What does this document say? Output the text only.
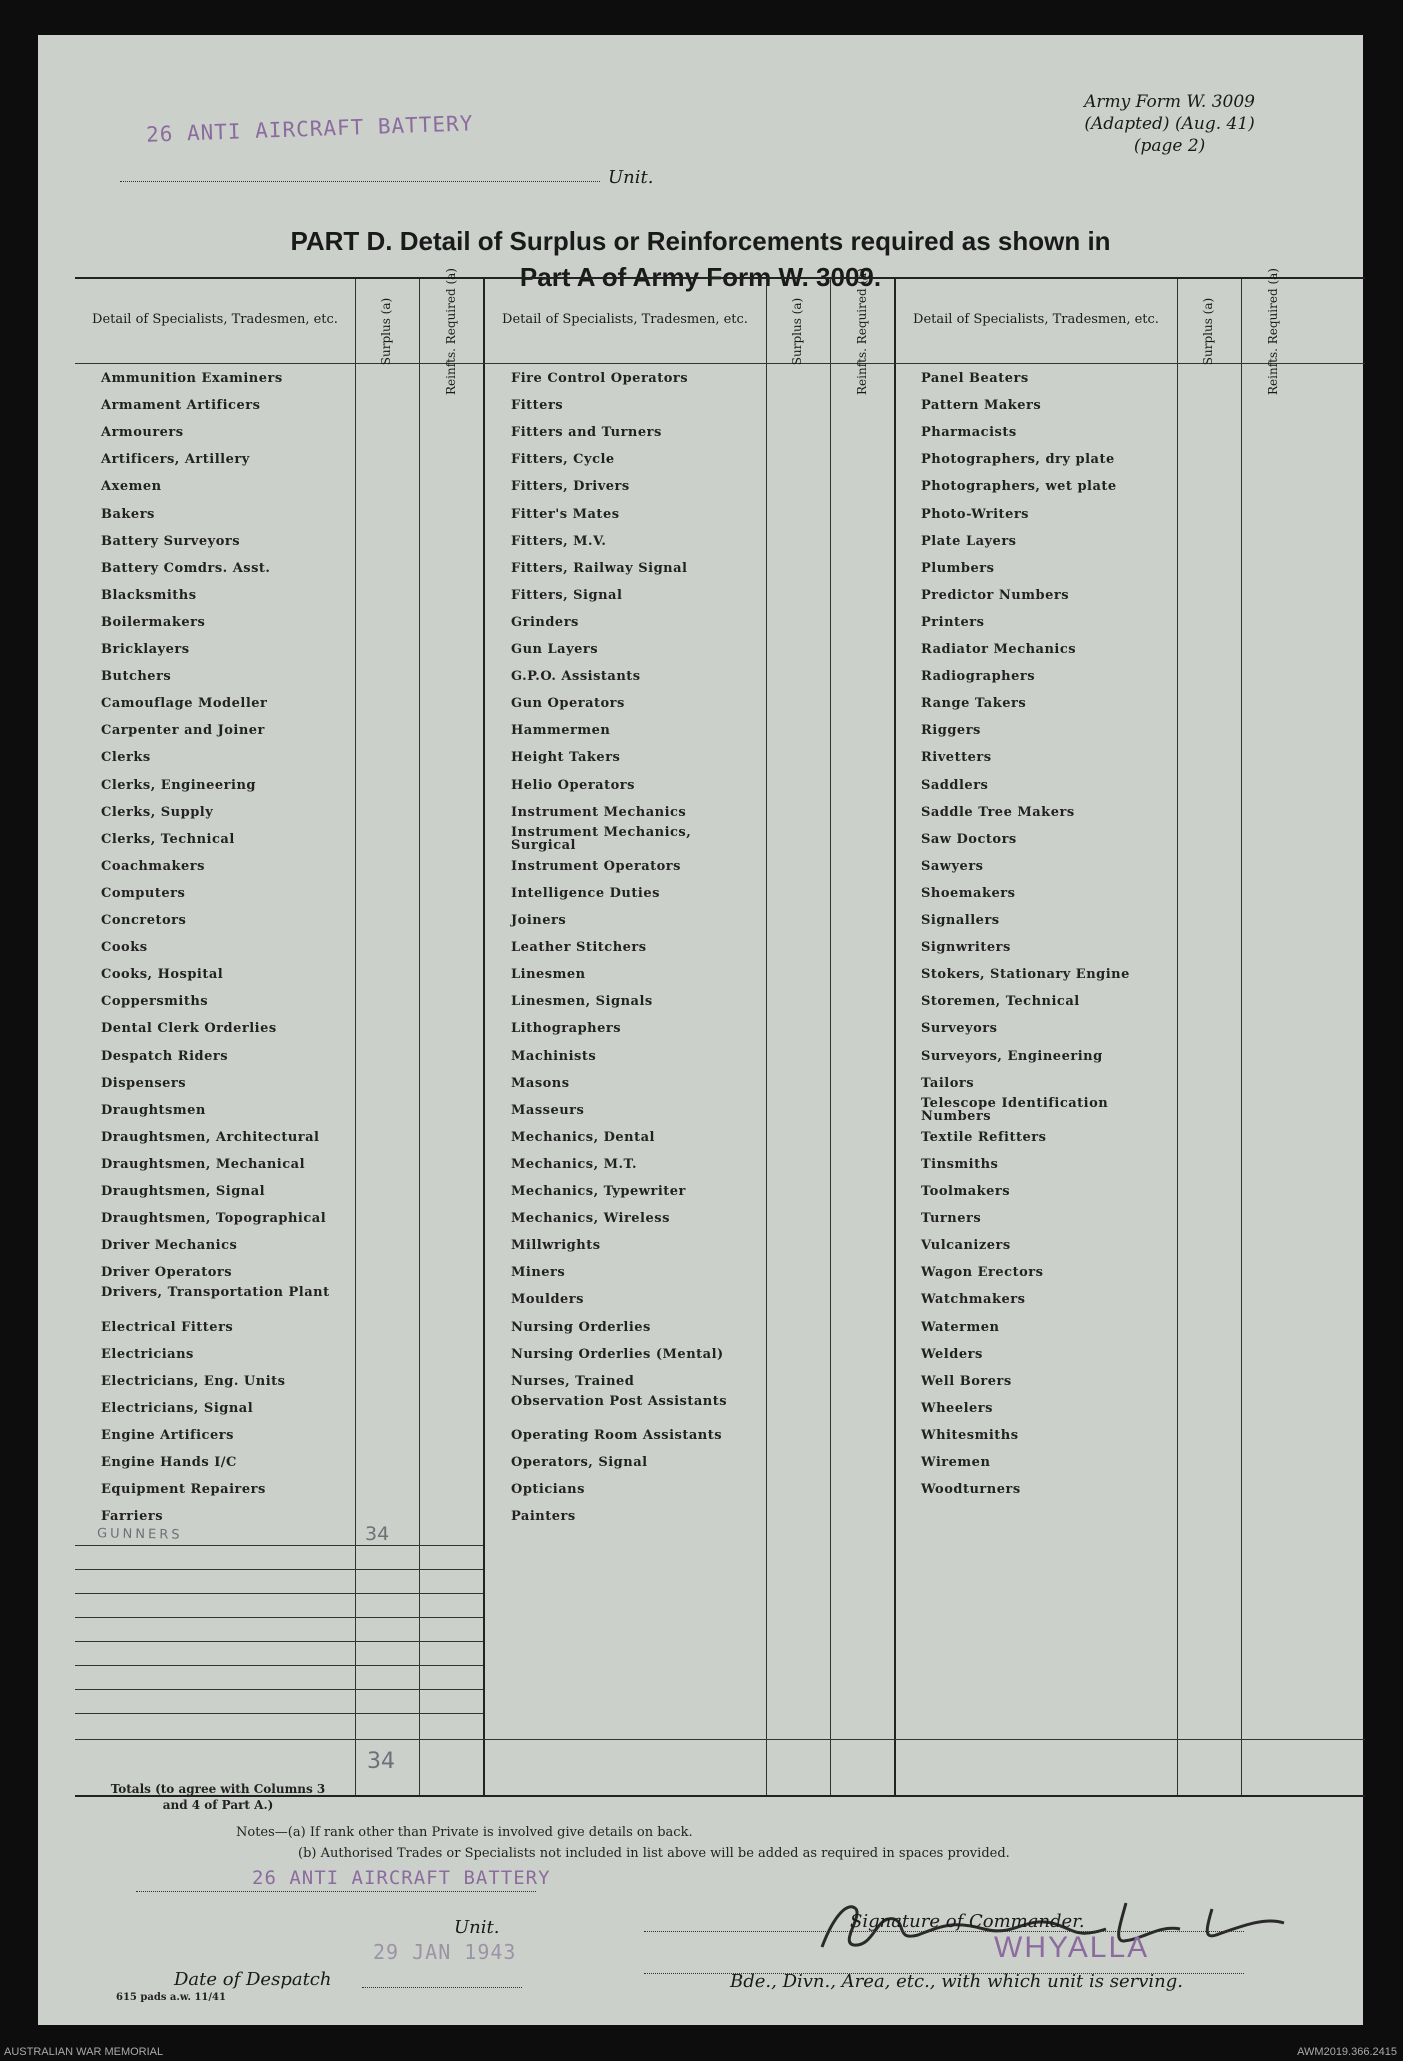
Army Form W. 3009
(Adapted) (Aug. 41)
(page 2)
26 ANTI AIRCRAFT BATTERY
Unit.
PART D. Detail of Surplus or Reinforcements required as shown in
Part A of Army Form W. 3009.
Detail of Specialists, Tradesmen, etc.	Surplus (a)	Reinfts. Required (a)	Detail of Specialists, Tradesmen, etc.	Surplus (a)	Reinfts. Required (a)	Detail of Specialists, Tradesmen, etc.	Surplus (a)	Reinfts. Required (a)
Ammunition Examiners
Armament Artificers
Armourers
Artificers, Artillery
Axemen
Bakers
Battery Surveyors
Battery Comdrs. Asst.
Blacksmiths
Boilermakers
Bricklayers
Butchers
Camouflage Modeller
Carpenter and Joiner
Clerks
Clerks, Engineering
Clerks, Supply
Clerks, Technical
Coachmakers
Computers
Concretors
Cooks
Cooks, Hospital
Coppersmiths
Dental Clerk Orderlies
Despatch Riders
Dispensers
Draughtsmen
Draughtsmen, Architectural
Draughtsmen, Mechanical
Draughtsmen, Signal
Draughtsmen, Topographical
Driver Mechanics
Driver Operators
Drivers, Transportation Plant
Electrical Fitters
Electricians
Electricians, Eng. Units
Electricians, Signal
Engine Artificers
Engine Hands I/C
Equipment Repairers
Farriers
Fire Control Operators
Fitters
Fitters and Turners
Fitters, Cycle
Fitters, Drivers
Fitter's Mates
Fitters, M.V.
Fitters, Railway Signal
Fitters, Signal
Grinders
Gun Layers
G.P.O. Assistants
Gun Operators
Hammermen
Height Takers
Helio Operators
Instrument Mechanics
Instrument Mechanics, Surgical
Instrument Operators
Intelligence Duties
Joiners
Leather Stitchers
Linesmen
Linesmen, Signals
Lithographers
Machinists
Masons
Masseurs
Mechanics, Dental
Mechanics, M.T.
Mechanics, Typewriter
Mechanics, Wireless
Millwrights
Miners
Moulders
Nursing Orderlies
Nursing Orderlies (Mental)
Nurses, Trained
Observation Post Assistants
Operating Room Assistants
Operators, Signal
Opticians
Painters
Panel Beaters
Pattern Makers
Pharmacists
Photographers, dry plate
Photographers, wet plate
Photo-Writers
Plate Layers
Plumbers
Predictor Numbers
Printers
Radiator Mechanics
Radiographers
Range Takers
Riggers
Rivetters
Saddlers
Saddle Tree Makers
Saw Doctors
Sawyers
Shoemakers
Signallers
Signwriters
Stokers, Stationary Engine
Storemen, Technical
Surveyors
Surveyors, Engineering
Tailors
Telescope Identification Numbers
Textile Refitters
Tinsmiths
Toolmakers
Turners
Vulcanizers
Wagon Erectors
Watchmakers
Watermen
Welders
Well Borers
Wheelers
Whitesmiths
Wiremen
Woodturners
GUNNERS	34
34
Totals (to agree with Columns 3 and 4 of Part A.)
Notes—(a) If rank other than Private is involved give details on back.
(b) Authorised Trades or Specialists not included in list above will be added as required in spaces provided.
26 ANTI AIRCRAFT BATTERY
Unit.
29 JAN 1943
Date of Despatch
JHCampbell Lieut for
Signature of Commander.
WHYALLA
Bde., Divn., Area, etc., with which unit is serving.
615 pads a.w. 11/41
AUSTRALIAN WAR MEMORIAL	AWM2019.366.2415
